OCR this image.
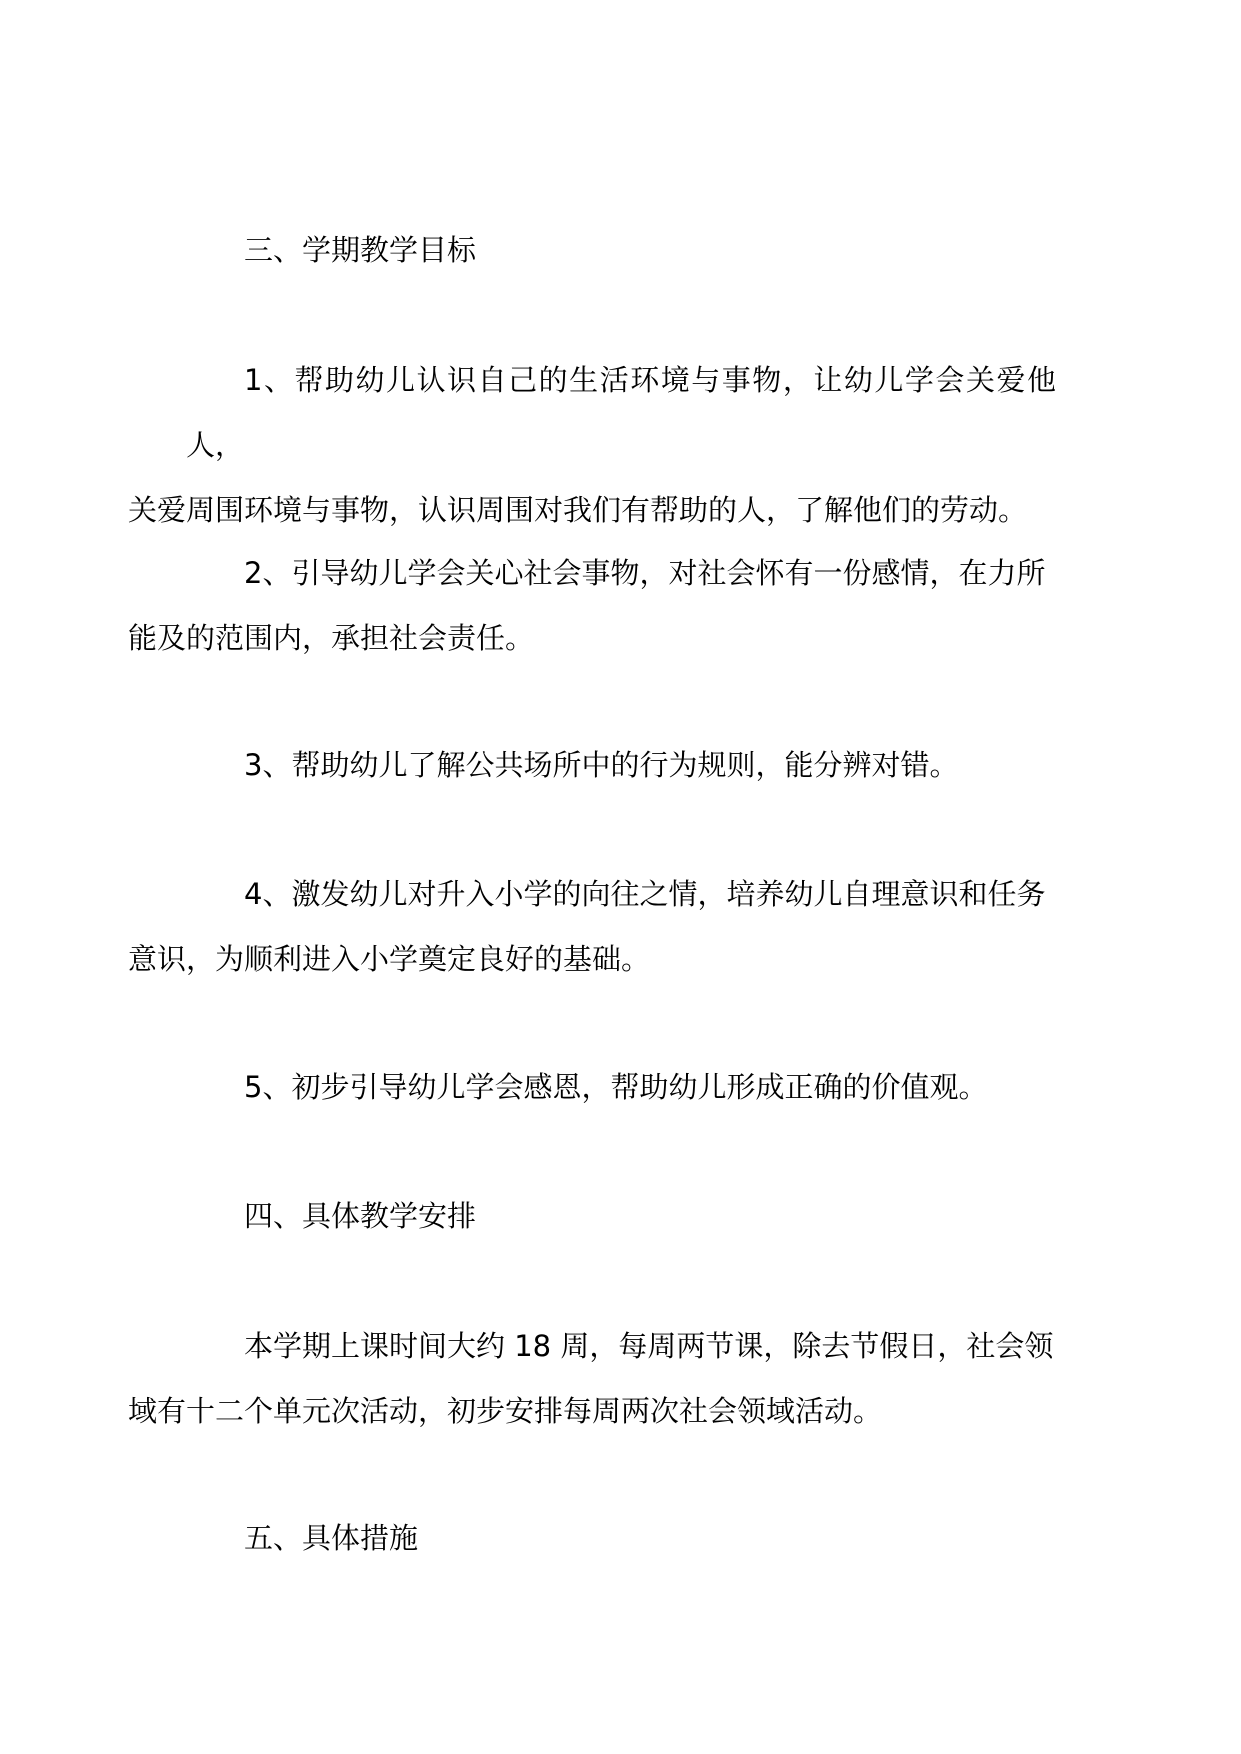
三、学期教学目标

1、帮助幼儿认识自己的生活环境与事物，让幼儿学会关爱他人，
关爱周围环境与事物，认识周围对我们有帮助的人，了解他们的劳动。

2、引导幼儿学会关心社会事物，对社会怀有一份感情，在力所
能及的范围内，承担社会责任。

3、帮助幼儿了解公共场所中的行为规则，能分辨对错。

4、激发幼儿对升入小学的向往之情，培养幼儿自理意识和任务
意识，为顺利进入小学奠定良好的基础。

5、初步引导幼儿学会感恩，帮助幼儿形成正确的价值观。

四、具体教学安排

本学期上课时间大约 18 周，每周两节课，除去节假日，社会领
域有十二个单元次活动，初步安排每周两次社会领域活动。

五、具体措施
